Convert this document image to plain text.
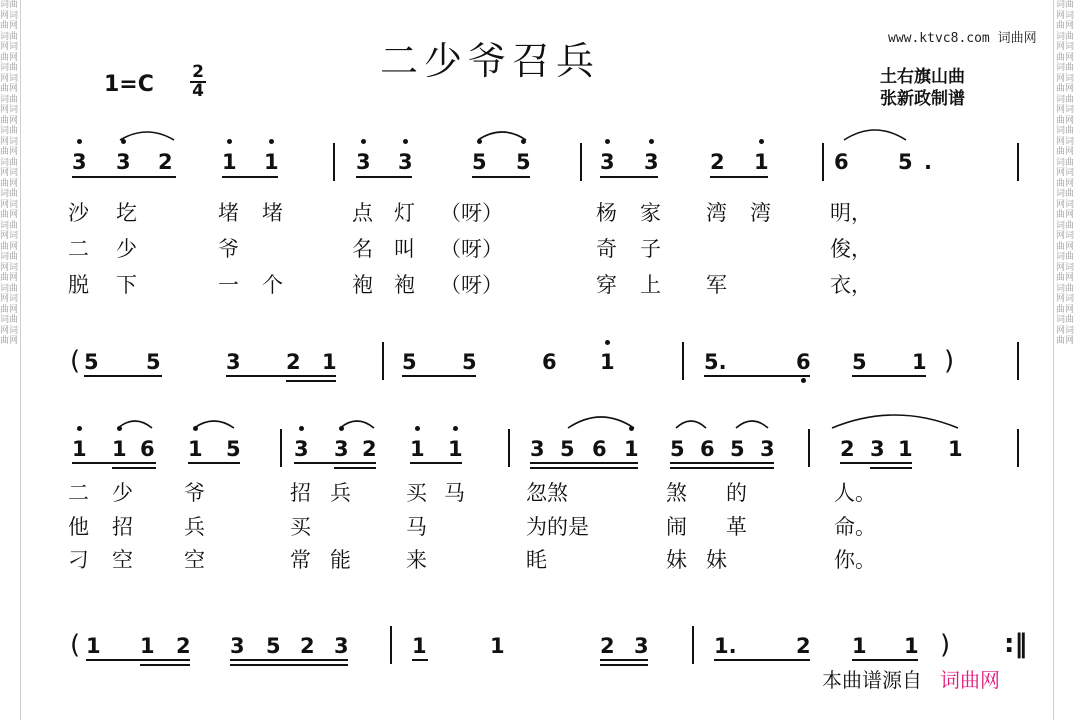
词曲网词曲网词曲网词曲网词曲网词曲网词曲网词曲网词曲网词曲网词曲网词曲网词曲网词曲网词曲网词曲网词曲网词曲网词曲网词曲网词曲网词曲网
词曲网词曲网词曲网词曲网词曲网词曲网词曲网词曲网词曲网词曲网词曲网词曲网词曲网词曲网词曲网词曲网词曲网词曲网词曲网词曲网词曲网词曲网
二少爷召兵
www.ktvc8.com 词曲网
1=C 2
4
土右旗山曲
张新政制谱
3 3 2 1 1	3 3	5 5	3 3 2 1	6 5 .
沙 圪	堵 堵	点 灯 （呀）	杨 家 湾 湾	明，
二 少	爷	名 叫 （呀）	奇 子	俊，
脱 下	一 个	袍 袍 （呀）	穿 上 军	衣，
( 5 5	3 2 1	5 5	6 1	5.	6 5 1 )
1 1 6 1 5	3 3 2 1 1	3 5 6 1 5 6 5 3	2 3 1 1
二 少 爷	招 兵	买 马	忽煞	煞 的	人。
他 招 兵	买	马	为的是	闹 革	命。
刁 空 空	常 能	来	眊	妹 妹	你。
( 1 1 2 3 5 2 3	1	1	2 3	1.	2 1 1 ) :‖
本曲谱源自 词曲网
